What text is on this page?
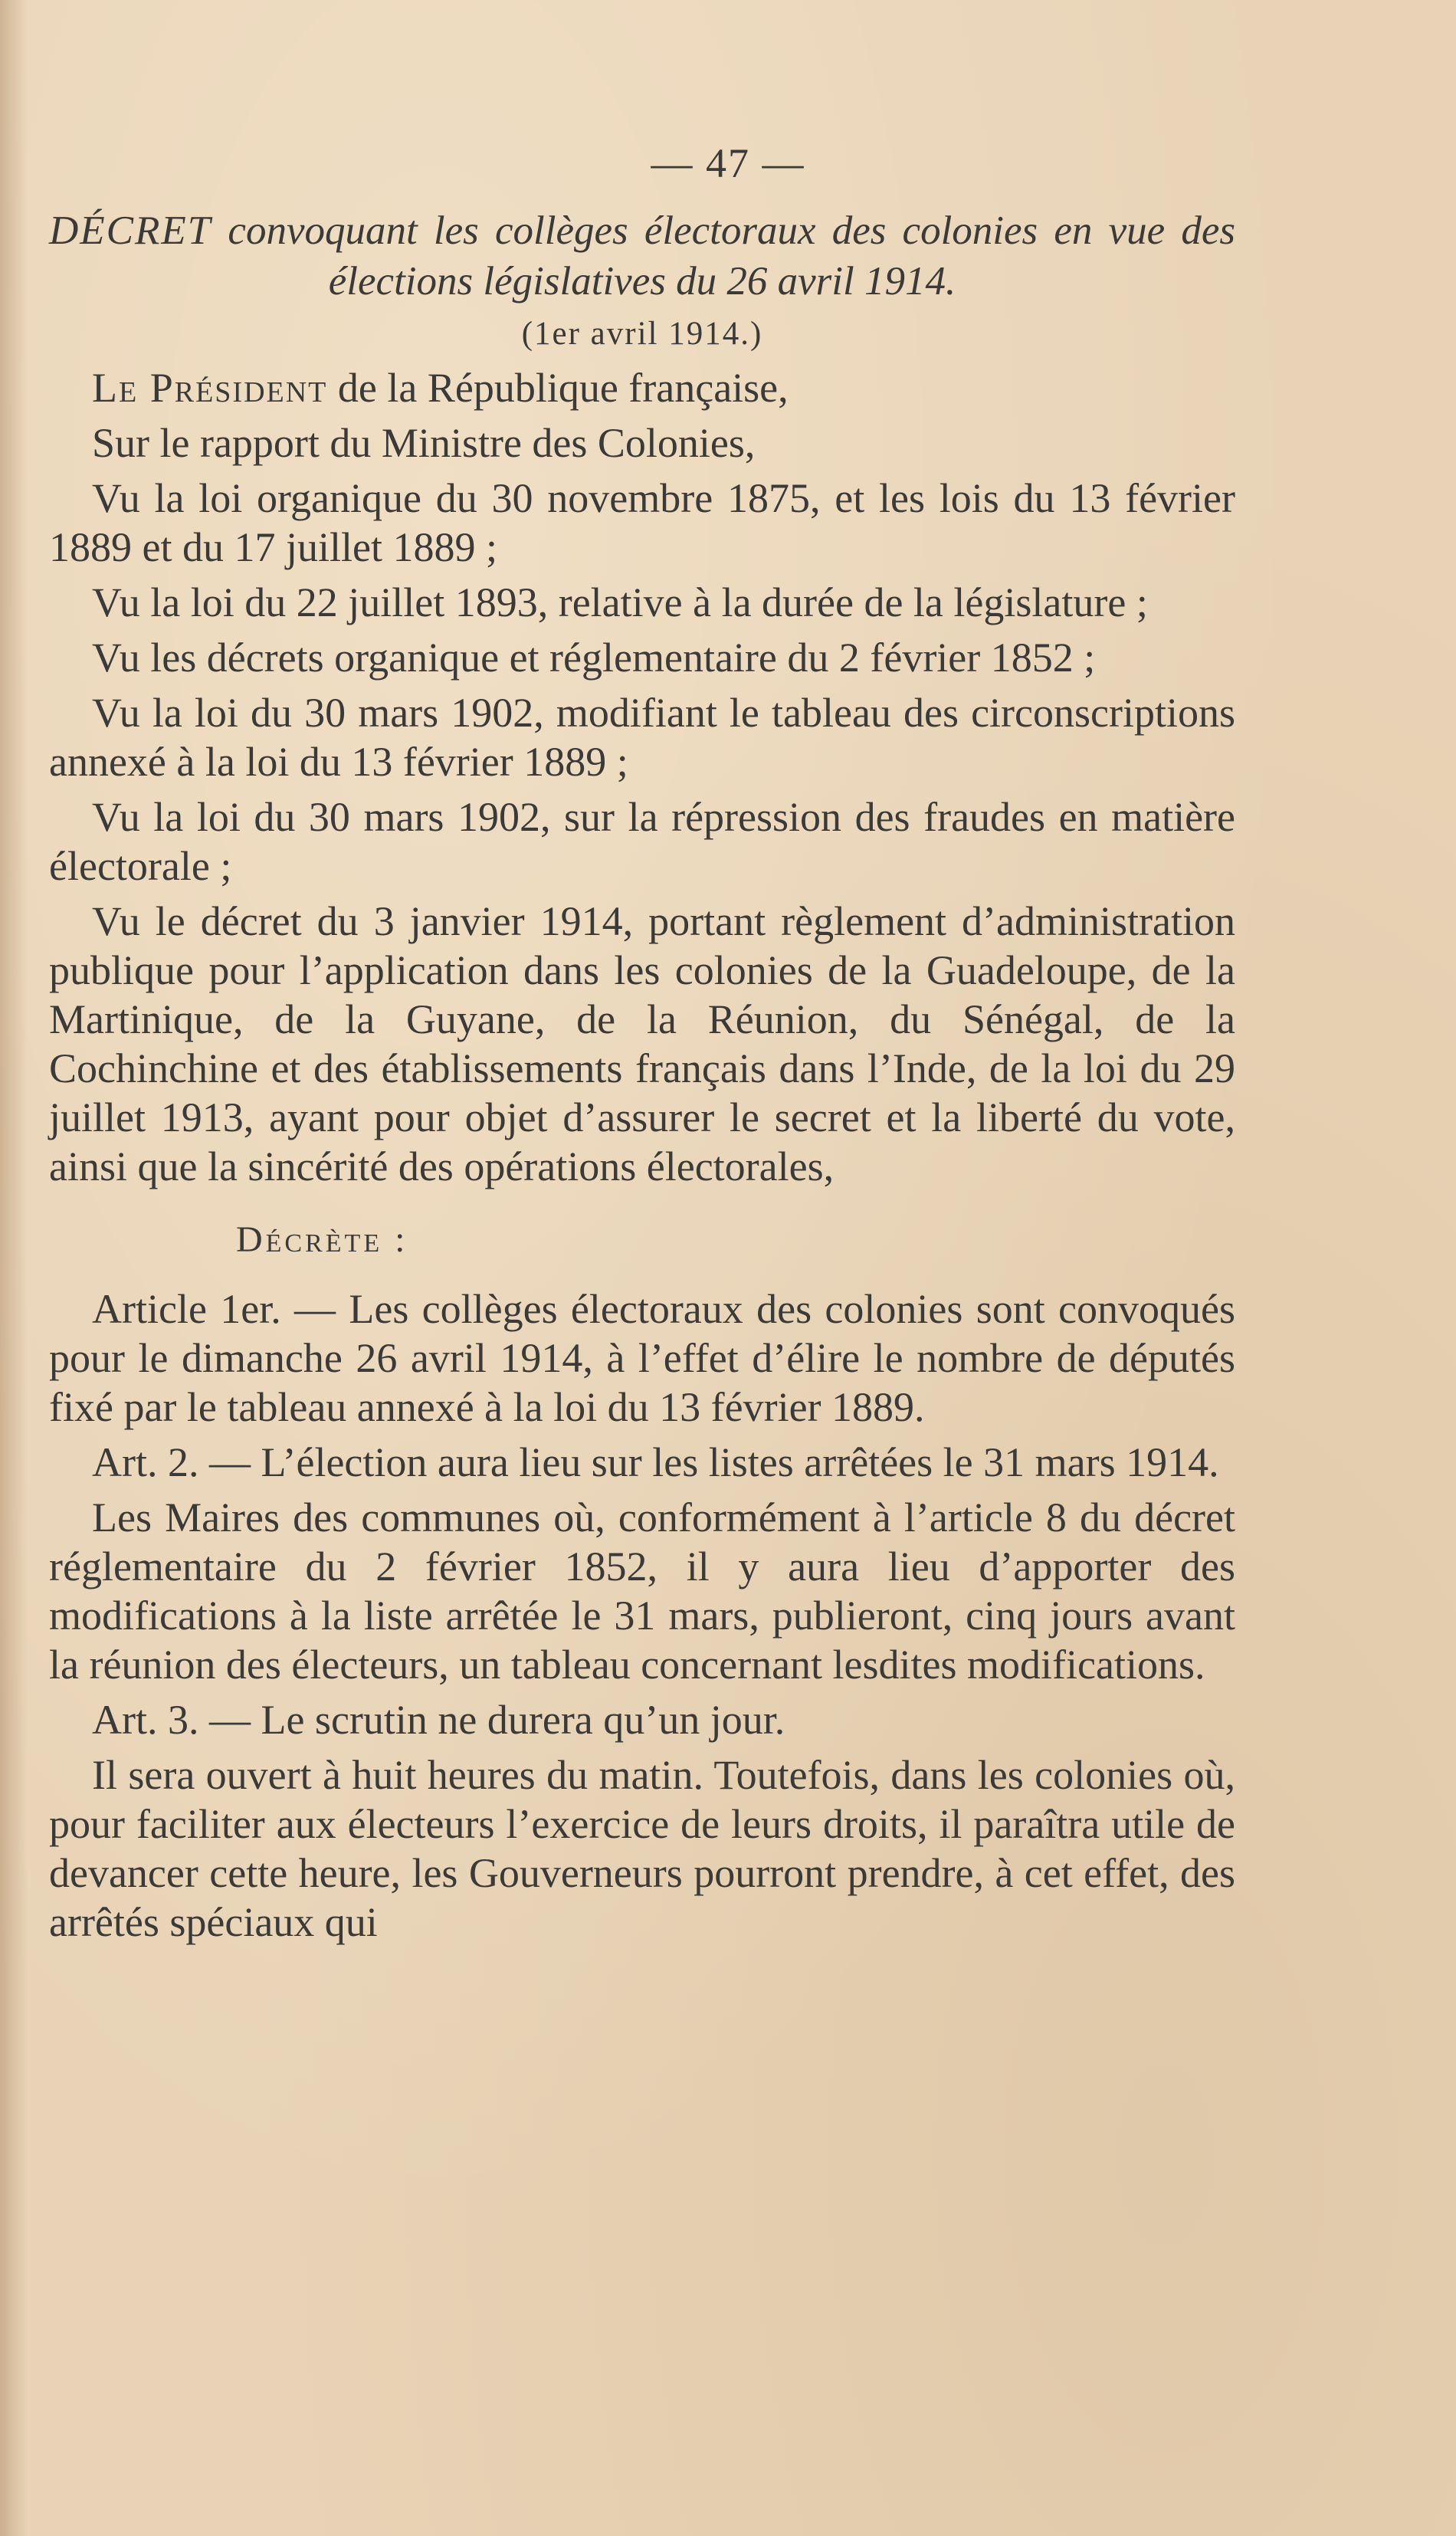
— 47 —

DÉCRET convoquant les collèges électoraux des colonies en vue des élections législatives du 26 avril 1914.

(1er avril 1914.)

Le Président de la République française,

Sur le rapport du Ministre des Colonies,

Vu la loi organique du 30 novembre 1875, et les lois du 13 février 1889 et du 17 juillet 1889 ;

Vu la loi du 22 juillet 1893, relative à la durée de la législature ;

Vu les décrets organique et réglementaire du 2 février 1852 ;

Vu la loi du 30 mars 1902, modifiant le tableau des circonscriptions annexé à la loi du 13 février 1889 ;

Vu la loi du 30 mars 1902, sur la répression des fraudes en matière électorale ;

Vu le décret du 3 janvier 1914, portant règlement d’administration publique pour l’application dans les colonies de la Guadeloupe, de la Martinique, de la Guyane, de la Réunion, du Sénégal, de la Cochinchine et des établissements français dans l’Inde, de la loi du 29 juillet 1913, ayant pour objet d’assurer le secret et la liberté du vote, ainsi que la sincérité des opérations électorales,

Décrète :

Article 1er. — Les collèges électoraux des colonies sont convoqués pour le dimanche 26 avril 1914, à l’effet d’élire le nombre de députés fixé par le tableau annexé à la loi du 13 février 1889.

Art. 2. — L’élection aura lieu sur les listes arrêtées le 31 mars 1914.

Les Maires des communes où, conformément à l’article 8 du décret réglementaire du 2 février 1852, il y aura lieu d’apporter des modifications à la liste arrêtée le 31 mars, publieront, cinq jours avant la réunion des électeurs, un tableau concernant lesdites modifications.

Art. 3. — Le scrutin ne durera qu’un jour.

Il sera ouvert à huit heures du matin. Toutefois, dans les colonies où, pour faciliter aux électeurs l’exercice de leurs droits, il paraîtra utile de devancer cette heure, les Gouverneurs pourront prendre, à cet effet, des arrêtés spéciaux qui
